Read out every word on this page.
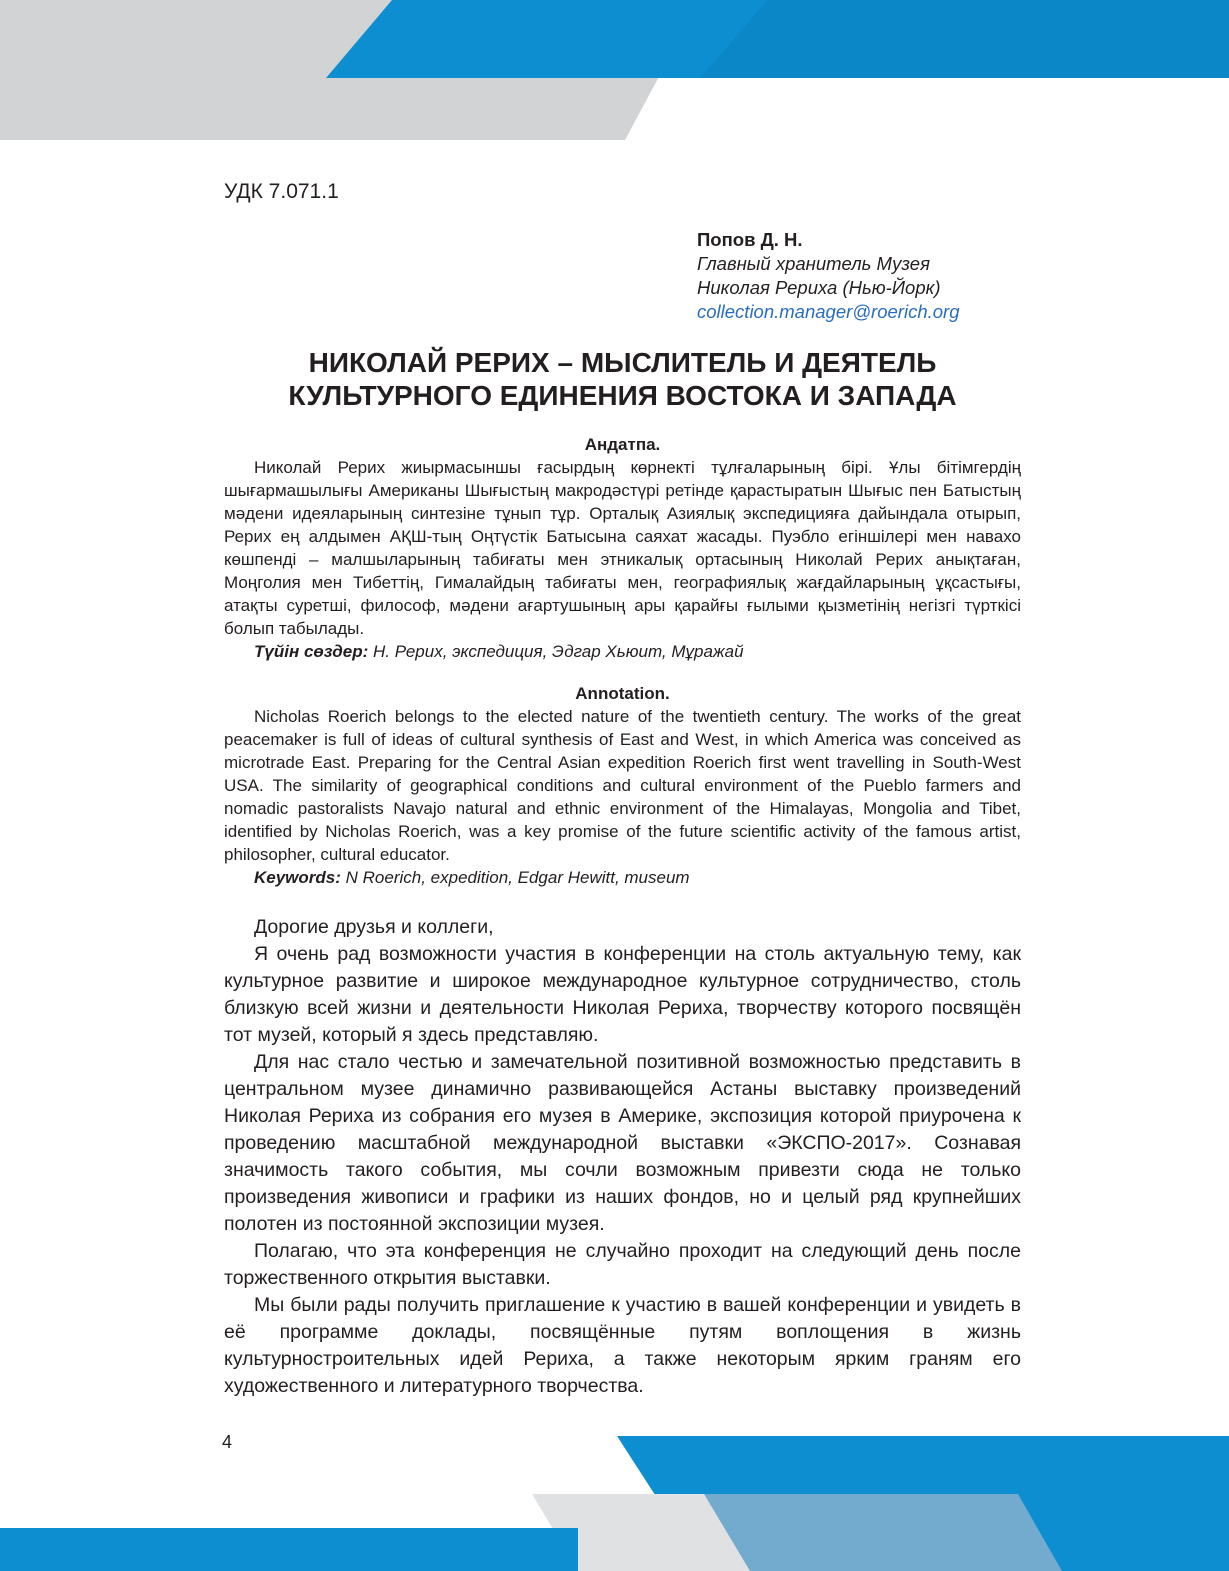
УДК 7.071.1
Попов Д. Н.
Главный хранитель Музея
Николая Рериха (Нью-Йорк)
collection.manager@roerich.org
НИКОЛАЙ РЕРИХ – МЫСЛИТЕЛЬ И ДЕЯТЕЛЬ
КУЛЬТУРНОГО ЕДИНЕНИЯ ВОСТОКА И ЗАПАДА
Андатпа.

Николай Рерих жиырмасыншы ғасырдың көрнекті тұлғаларының бірі. Ұлы бітімгердің шығармашылығы Американы Шығыстың макродәстүрі ретінде қарастыратын Шығыс пен Батыстың мәдени идеяларының синтезіне тұнып тұр. Орталық Азиялық экспедицияға дайындала отырып, Рерих ең алдымен АҚШ-тың Оңтүстік Батысына саяхат жасады. Пуэбло егіншілері мен навахо көшпенді – малшыларының табиғаты мен этникалық ортасының Николай Рерих анықтаған, Моңголия мен Тибеттің, Гималайдың табиғаты мен, географиялық жағдайларының ұқсастығы, атақты суретші, философ, мәдени ағартушының ары қарайғы ғылыми қызметінің негізгі түрткісі болып табылады.

Түйін сөздер: Н. Рерих, экспедиция, Эдгар Хьюит, Мұражай
Annotation.

Nicholas Roerich belongs to the elected nature of the twentieth century. The works of the great peacemaker is full of ideas of cultural synthesis of East and West, in which America was conceived as microtrade East. Preparing for the Central Asian expedition Roerich first went travelling in South-West USA. The similarity of geographical conditions and cultural environment of the Pueblo farmers and nomadic pastoralists Navajo natural and ethnic environment of the Himalayas, Mongolia and Tibet, identified by Nicholas Roerich, was a key promise of the future scientific activity of the famous artist, philosopher, cultural educator.

Keywords: N Roerich, expedition, Edgar Hewitt, museum

Дорогие друзья и коллеги,

Я очень рад возможности участия в конференции на столь актуальную тему, как культурное развитие и широкое международное культурное сотрудничество, столь близкую всей жизни и деятельности Николая Рериха, творчеству которого посвящён тот музей, который я здесь представляю.

Для нас стало честью и замечательной позитивной возможностью представить в центральном музее динамично развивающейся Астаны выставку произведений Николая Рериха из собрания его музея в Америке, экспозиция которой приурочена к проведению масштабной международной выставки «ЭКСПО-2017». Сознавая значимость такого события, мы сочли возможным привезти сюда не только произведения живописи и графики из наших фондов, но и целый ряд крупнейших полотен из постоянной экспозиции музея.

Полагаю, что эта конференция не случайно проходит на следующий день после торжественного открытия выставки.

Мы были рады получить приглашение к участию в вашей конференции и увидеть в её программе доклады, посвящённые путям воплощения в жизнь культурностроительных идей Рериха, а также некоторым ярким граням его художественного и литературного творчества.

4
